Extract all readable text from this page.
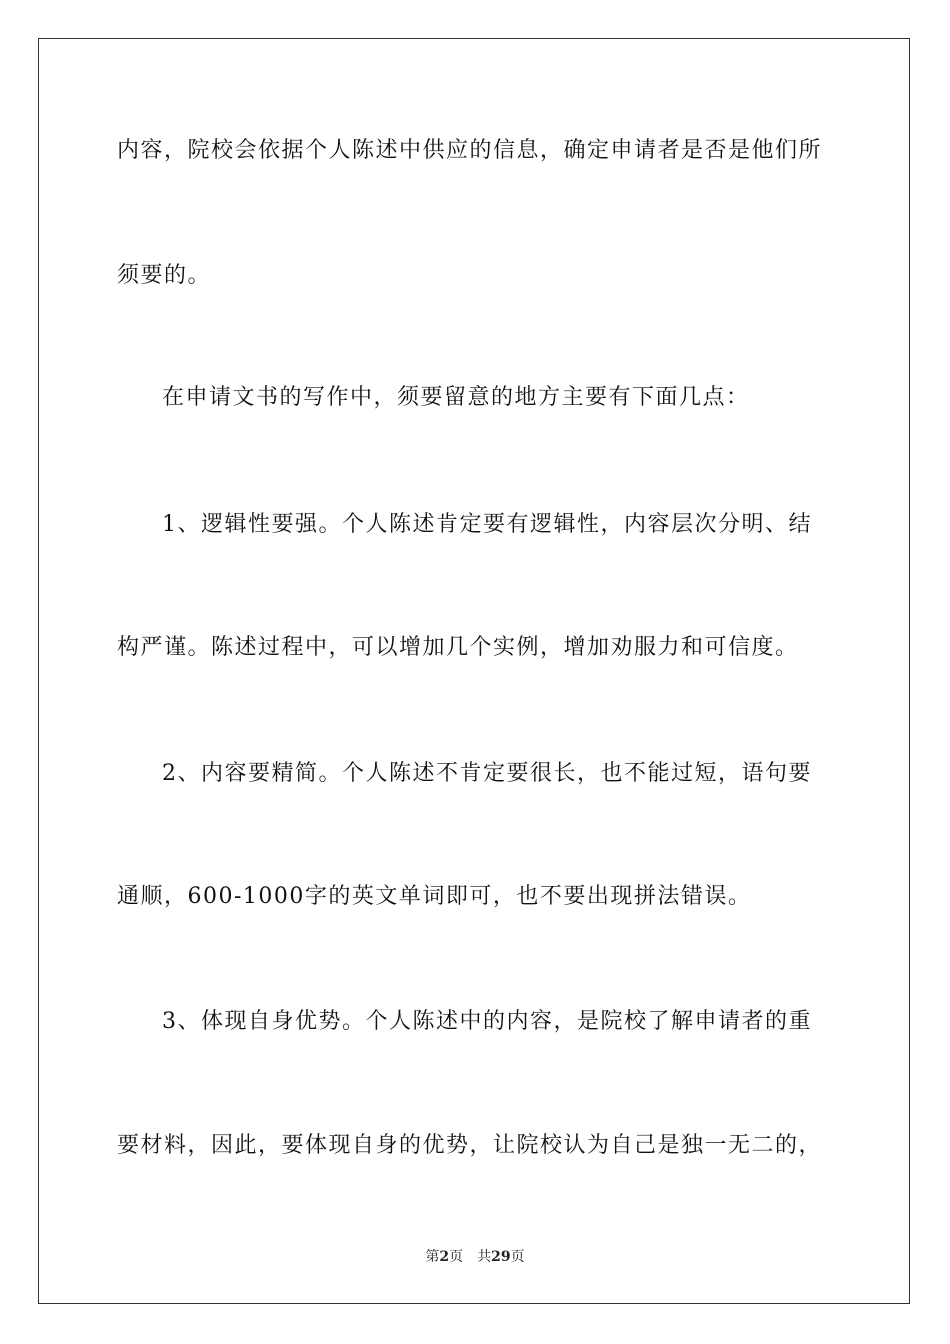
内容，院校会依据个人陈述中供应的信息，确定申请者是否是他们所
须要的。
在申请文书的写作中，须要留意的地方主要有下面几点：
1、逻辑性要强。个人陈述肯定要有逻辑性，内容层次分明、结
构严谨。陈述过程中，可以增加几个实例，增加劝服力和可信度。
2、内容要精简。个人陈述不肯定要很长，也不能过短，语句要
通顺，600-1000字的英文单词即可，也不要出现拼法错误。
3、体现自身优势。个人陈述中的内容，是院校了解申请者的重
要材料，因此，要体现自身的优势，让院校认为自己是独一无二的，
第2页 共29页
